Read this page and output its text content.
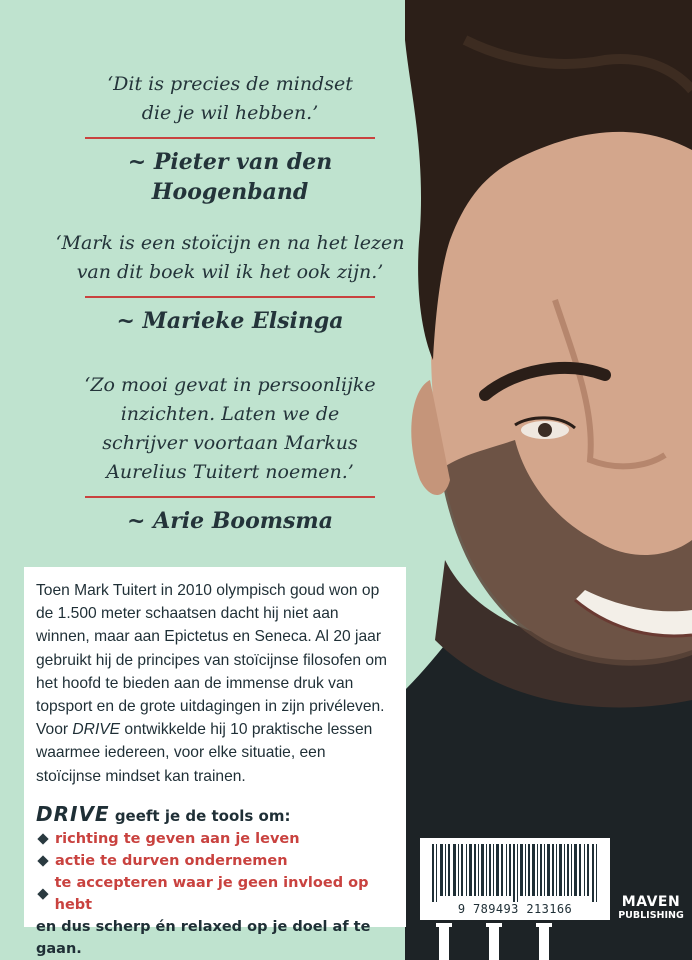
‘Dit is precies de mindset
die je wil hebben.’
~ Pieter van den
Hoogenband
‘Mark is een stoïcijn en na het lezen
van dit boek wil ik het ook zijn.’
~ Marieke Elsinga
‘Zo mooi gevat in persoonlijke
inzichten. Laten we de
schrijver voortaan Markus
Aurelius Tuitert noemen.’
~ Arie Boomsma

Toen Mark Tuitert in 2010 olympisch goud won op de 1.500 meter schaatsen dacht hij niet aan winnen, maar aan Epictetus en Seneca. Al 20 jaar gebruikt hij de principes van stoïcijnse filosofen om het hoofd te bieden aan de immense druk van topsport en de grote uitdagingen in zijn privéleven. Voor DRIVE ontwikkelde hij 10 praktische lessen waarmee iedereen, voor elke situatie, een stoïcijnse mindset kan trainen.

DRIVE geeft je de tools om:
richting te geven aan je leven
actie te durven ondernemen
te accepteren waar je geen invloed op hebt
en dus scherp én relaxed op je doel af te gaan.
9 789493 213166	MAVEN
PUBLISHING
